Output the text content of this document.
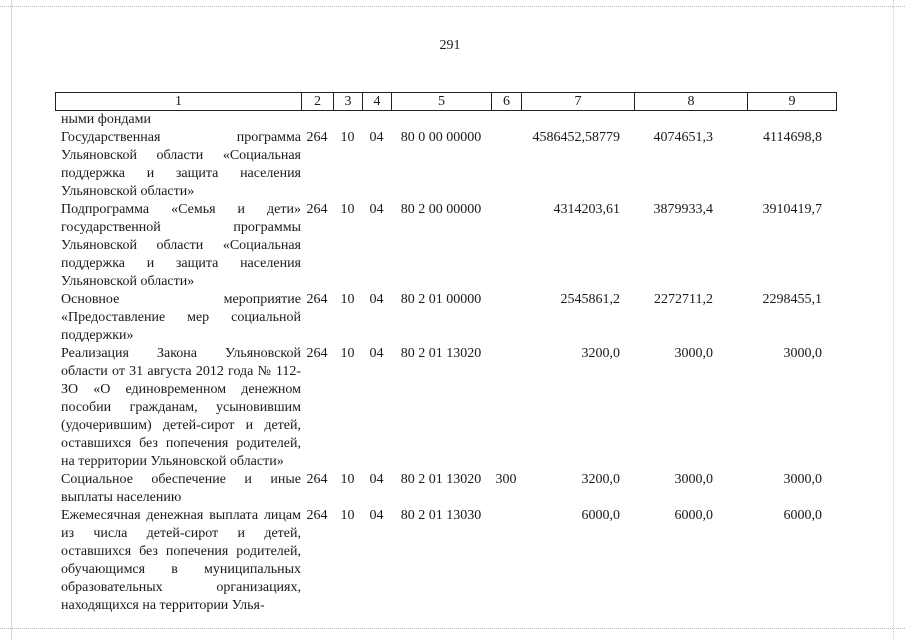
291
1	2	3	4	5	6	7	8	9
ными фондами								
Государственная программа Ульяновской области «Социальная поддержка и защита населения Ульяновской области»	264	10	04	80 0 00 00000		4586452,58779	4074651,3	4114698,8
Подпрограмма «Семья и дети» государственной программы Ульяновской области «Социальная поддержка и защита населения Ульяновской области»	264	10	04	80 2 00 00000		4314203,61	3879933,4	3910419,7
Основное мероприятие «Предоставление мер социальной поддержки»	264	10	04	80 2 01 00000		2545861,2	2272711,2	2298455,1
Реализация Закона Ульяновской области от 31 августа 2012 года № 112-ЗО «О единовременном денежном пособии гражданам, усыновившим (удочерившим) детей-сирот и детей, оставшихся без попечения родителей, на территории Ульяновской области»	264	10	04	80 2 01 13020		3200,0	3000,0	3000,0
Социальное обеспечение и иные выплаты населению	264	10	04	80 2 01 13020	300	3200,0	3000,0	3000,0
Ежемесячная денежная выплата лицам из числа детей-сирот и детей, оставшихся без попечения родителей, обучающимся в муниципальных образовательных организациях, находящихся на территории Улья-	264	10	04	80 2 01 13030		6000,0	6000,0	6000,0
